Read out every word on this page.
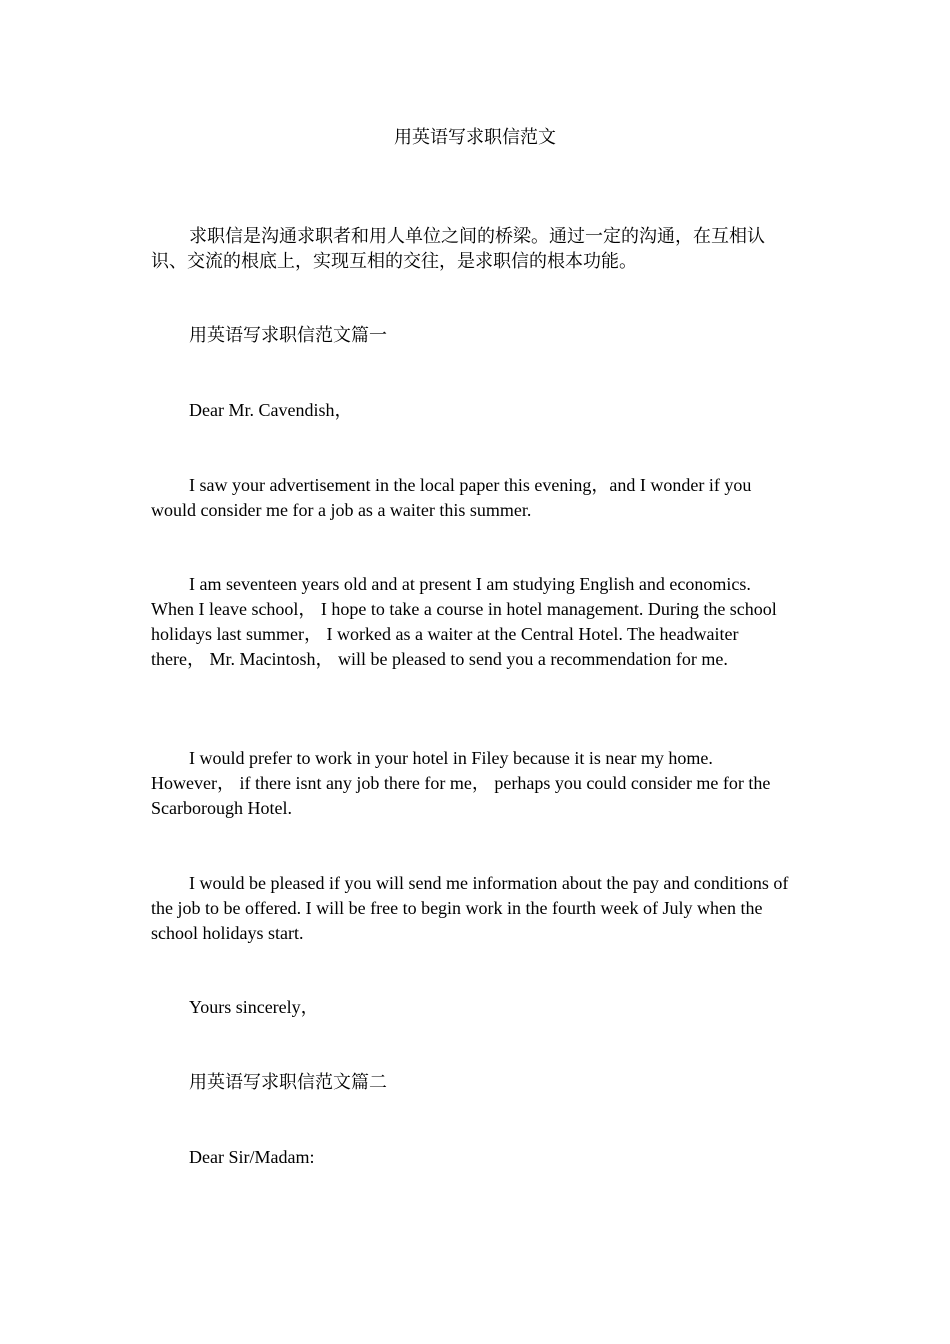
用英语写求职信范文

求职信是沟通求职者和用人单位之间的桥梁。通过一定的沟通，在互相认识、交流的根底上，实现互相的交往，是求职信的根本功能。

用英语写求职信范文篇一

Dear Mr. Cavendish，

I saw your advertisement in the local paper this evening，and I wonder if you would consider me for a job as a waiter this summer.

I am seventeen years old and at present I am studying English and economics. When I leave school， I hope to take a course in hotel management. During the school holidays last summer， I worked as a waiter at the Central Hotel. The headwaiter there， Mr. Macintosh， will be pleased to send you a recommendation for me.

I would prefer to work in your hotel in Filey because it is near my home. However， if there isnt any job there for me， perhaps you could consider me for the Scarborough Hotel.

I would be pleased if you will send me information about the pay and conditions of the job to be offered. I will be free to begin work in the fourth week of July when the school holidays start.

Yours sincerely，

用英语写求职信范文篇二

Dear Sir/Madam:
